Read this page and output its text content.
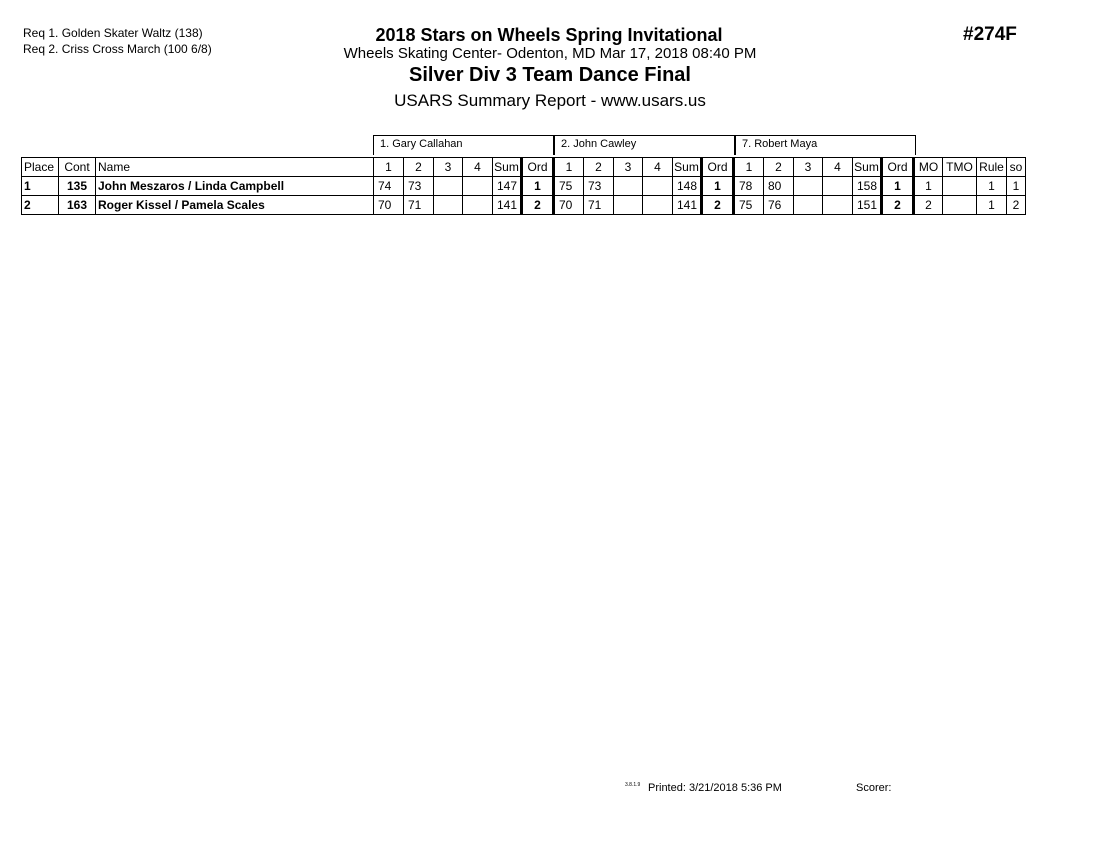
Req 1. Golden Skater Waltz (138)
Req 2. Criss Cross March (100 6/8)
2018 Stars on Wheels Spring Invitational
Wheels Skating Center- Odenton, MD Mar 17, 2018 08:40 PM
Silver Div 3 Team Dance Final
USARS Summary Report - www.usars.us
#274F
1. Gary Callahan	2. John Cawley	7. Robert Maya
Place	Cont	Name	1	2	3	4	Sum	Ord	1	2	3	4	Sum	Ord	1	2	3	4	Sum	Ord	MO	TMO	Rule	so
1	135	John Meszaros / Linda Campbell	74	73			147	1	75	73			148	1	78	80			158	1	1		1	1
2	163	Roger Kissel / Pamela Scales	70	71			141	2	70	71			141	2	75	76			151	2	2		1	2
3.8.1.9 Printed: 3/21/2018 5:36 PM	Scorer:
